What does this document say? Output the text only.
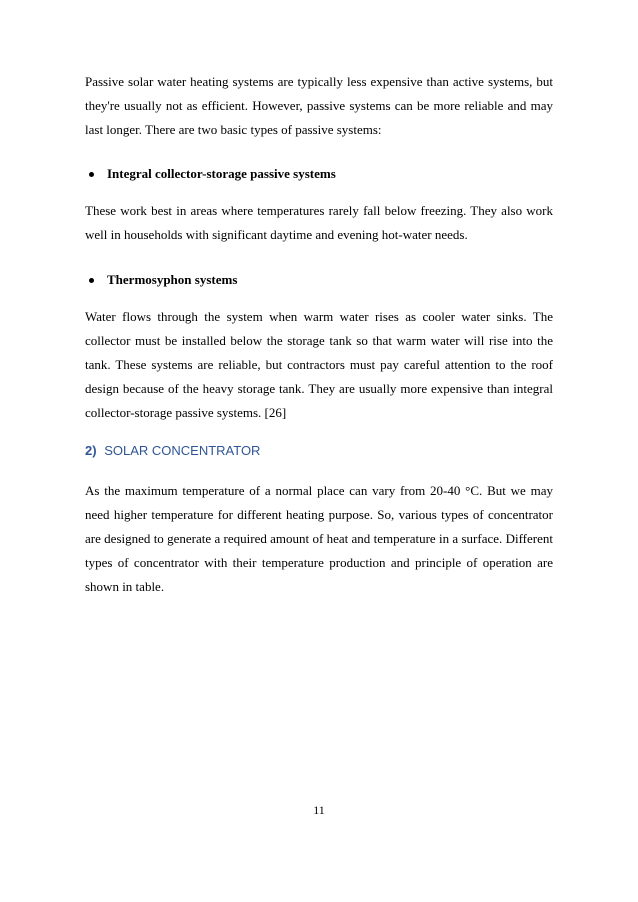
Passive solar water heating systems are typically less expensive than active systems, but they're usually not as efficient. However, passive systems can be more reliable and may last longer. There are two basic types of passive systems:

Integral collector-storage passive systems

These work best in areas where temperatures rarely fall below freezing. They also work well in households with significant daytime and evening hot-water needs.

Thermosyphon systems

Water flows through the system when warm water rises as cooler water sinks. The collector must be installed below the storage tank so that warm water will rise into the tank. These systems are reliable, but contractors must pay careful attention to the roof design because of the heavy storage tank. They are usually more expensive than integral collector-storage passive systems. [26]

2) SOLAR CONCENTRATOR

As the maximum temperature of a normal place can vary from 20-40 °C. But we may need higher temperature for different heating purpose. So, various types of concentrator are designed to generate a required amount of heat and temperature in a surface. Different types of concentrator with their temperature production and principle of operation are shown in table.

11
